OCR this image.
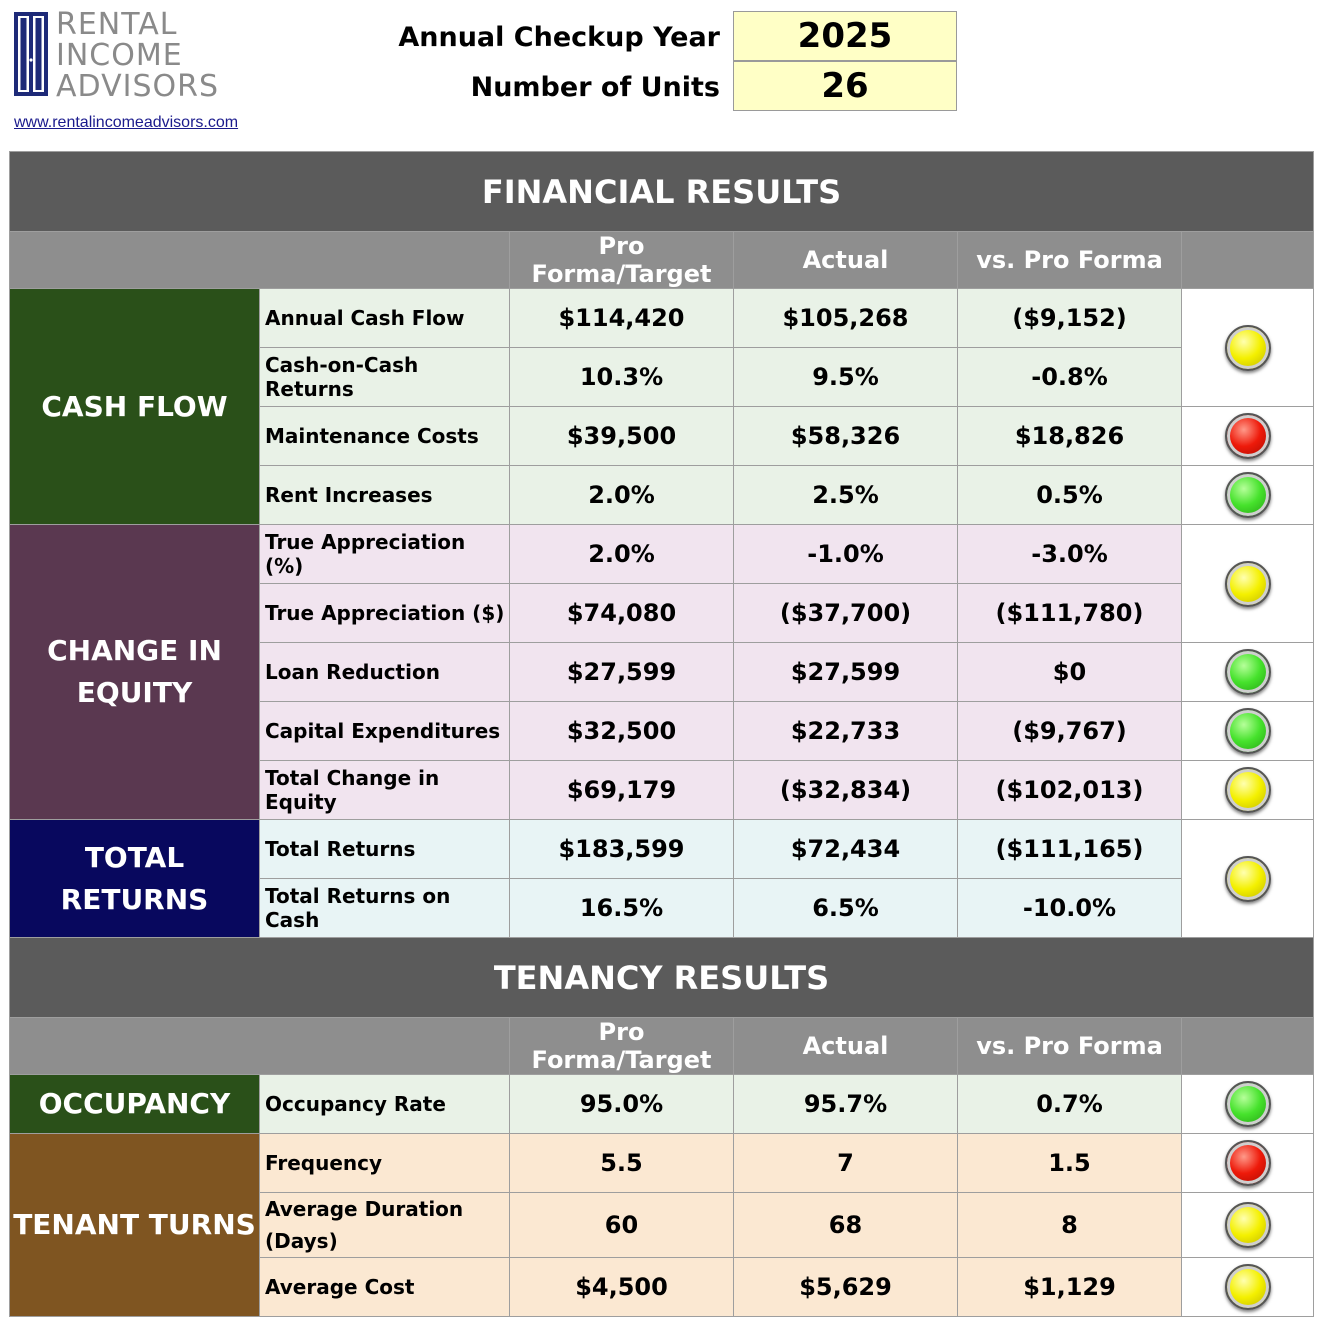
RENTAL
INCOME
ADVISORS
www.rentalincomeadvisors.com
Annual Checkup Year	2025
Number of Units	26
FINANCIAL RESULTS					
		Pro Forma/Target	Actual	vs. Pro Forma	
CASH FLOW	Annual Cash Flow	$114,420	$105,268	($9,152)	
	Cash-on-Cash Returns	10.3%	9.5%	-0.8%	
	Maintenance Costs	$39,500	$58,326	$18,826	
	Rent Increases	2.0%	2.5%	0.5%	

CHANGE IN
EQUITY	True Appreciation (%)	2.0%	-1.0%	-3.0%	
	True Appreciation ($)	$74,080	($37,700)	($111,780)	
	Loan Reduction	$27,599	$27,599	$0	
	Capital Expenditures	$32,500	$22,733	($9,767)	
	Total Change in Equity	$69,179	($32,834)	($102,013)	
TOTAL RETURNS	Total Returns	$183,599	$72,434	($111,165)	
	Total Returns on Cash	16.5%	6.5%	-10.0%	
TENANCY RESULTS					
		Pro Forma/Target	Actual	vs. Pro Forma	
OCCUPANCY	Occupancy Rate	95.0%	95.7%	0.7%	
TENANT TURNS	Frequency	5.5	7	1.5	
	Average Duration (Days)	60	68	8	
	Average Cost	$4,500	$5,629	$1,129	
